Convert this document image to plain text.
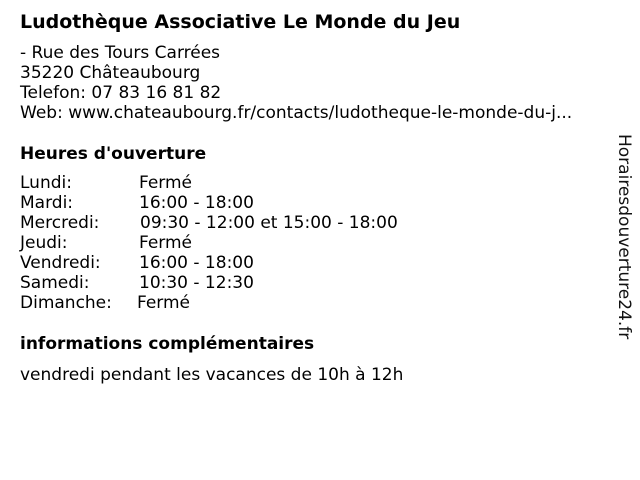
Ludothèque Associative Le Monde du Jeu
- Rue des Tours Carrées
35220 Châteaubourg
Telefon: 07 83 16 81 82
Web: www.chateaubourg.fr/contacts/ludotheque-le-monde-du-j...
Heures d'ouverture
Lundi:	Fermé
Mardi:	16:00 - 18:00
Mercredi:	09:30 - 12:00 et 15:00 - 18:00
Jeudi:	Fermé
Vendredi:	16:00 - 18:00
Samedi:	10:30 - 12:30
Dimanche:	Fermé
informations complémentaires
vendredi pendant les vacances de 10h à 12h
Horairesdouverture24.fr
